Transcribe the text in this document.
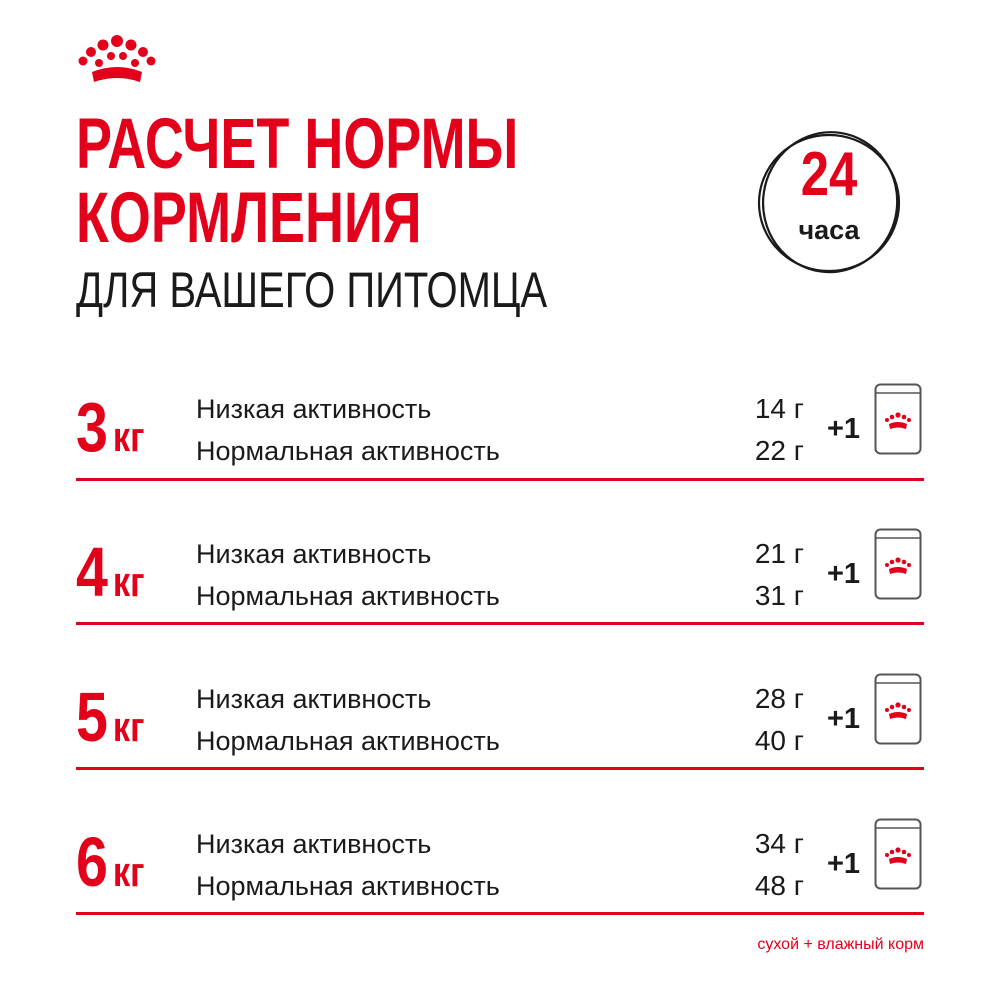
РАСЧЕТ НОРМЫ
КОРМЛЕНИЯ
ДЛЯ ВАШЕГО ПИТОМЦА
24
часа
3 кг
Низкая активность
Нормальная активность
14 г
22 г
+1
4 кг
Низкая активность
Нормальная активность
21 г
31 г
+1
5 кг
Низкая активность
Нормальная активность
28 г
40 г
+1
6 кг
Низкая активность
Нормальная активность
34 г
48 г
+1
сухой + влажный корм
